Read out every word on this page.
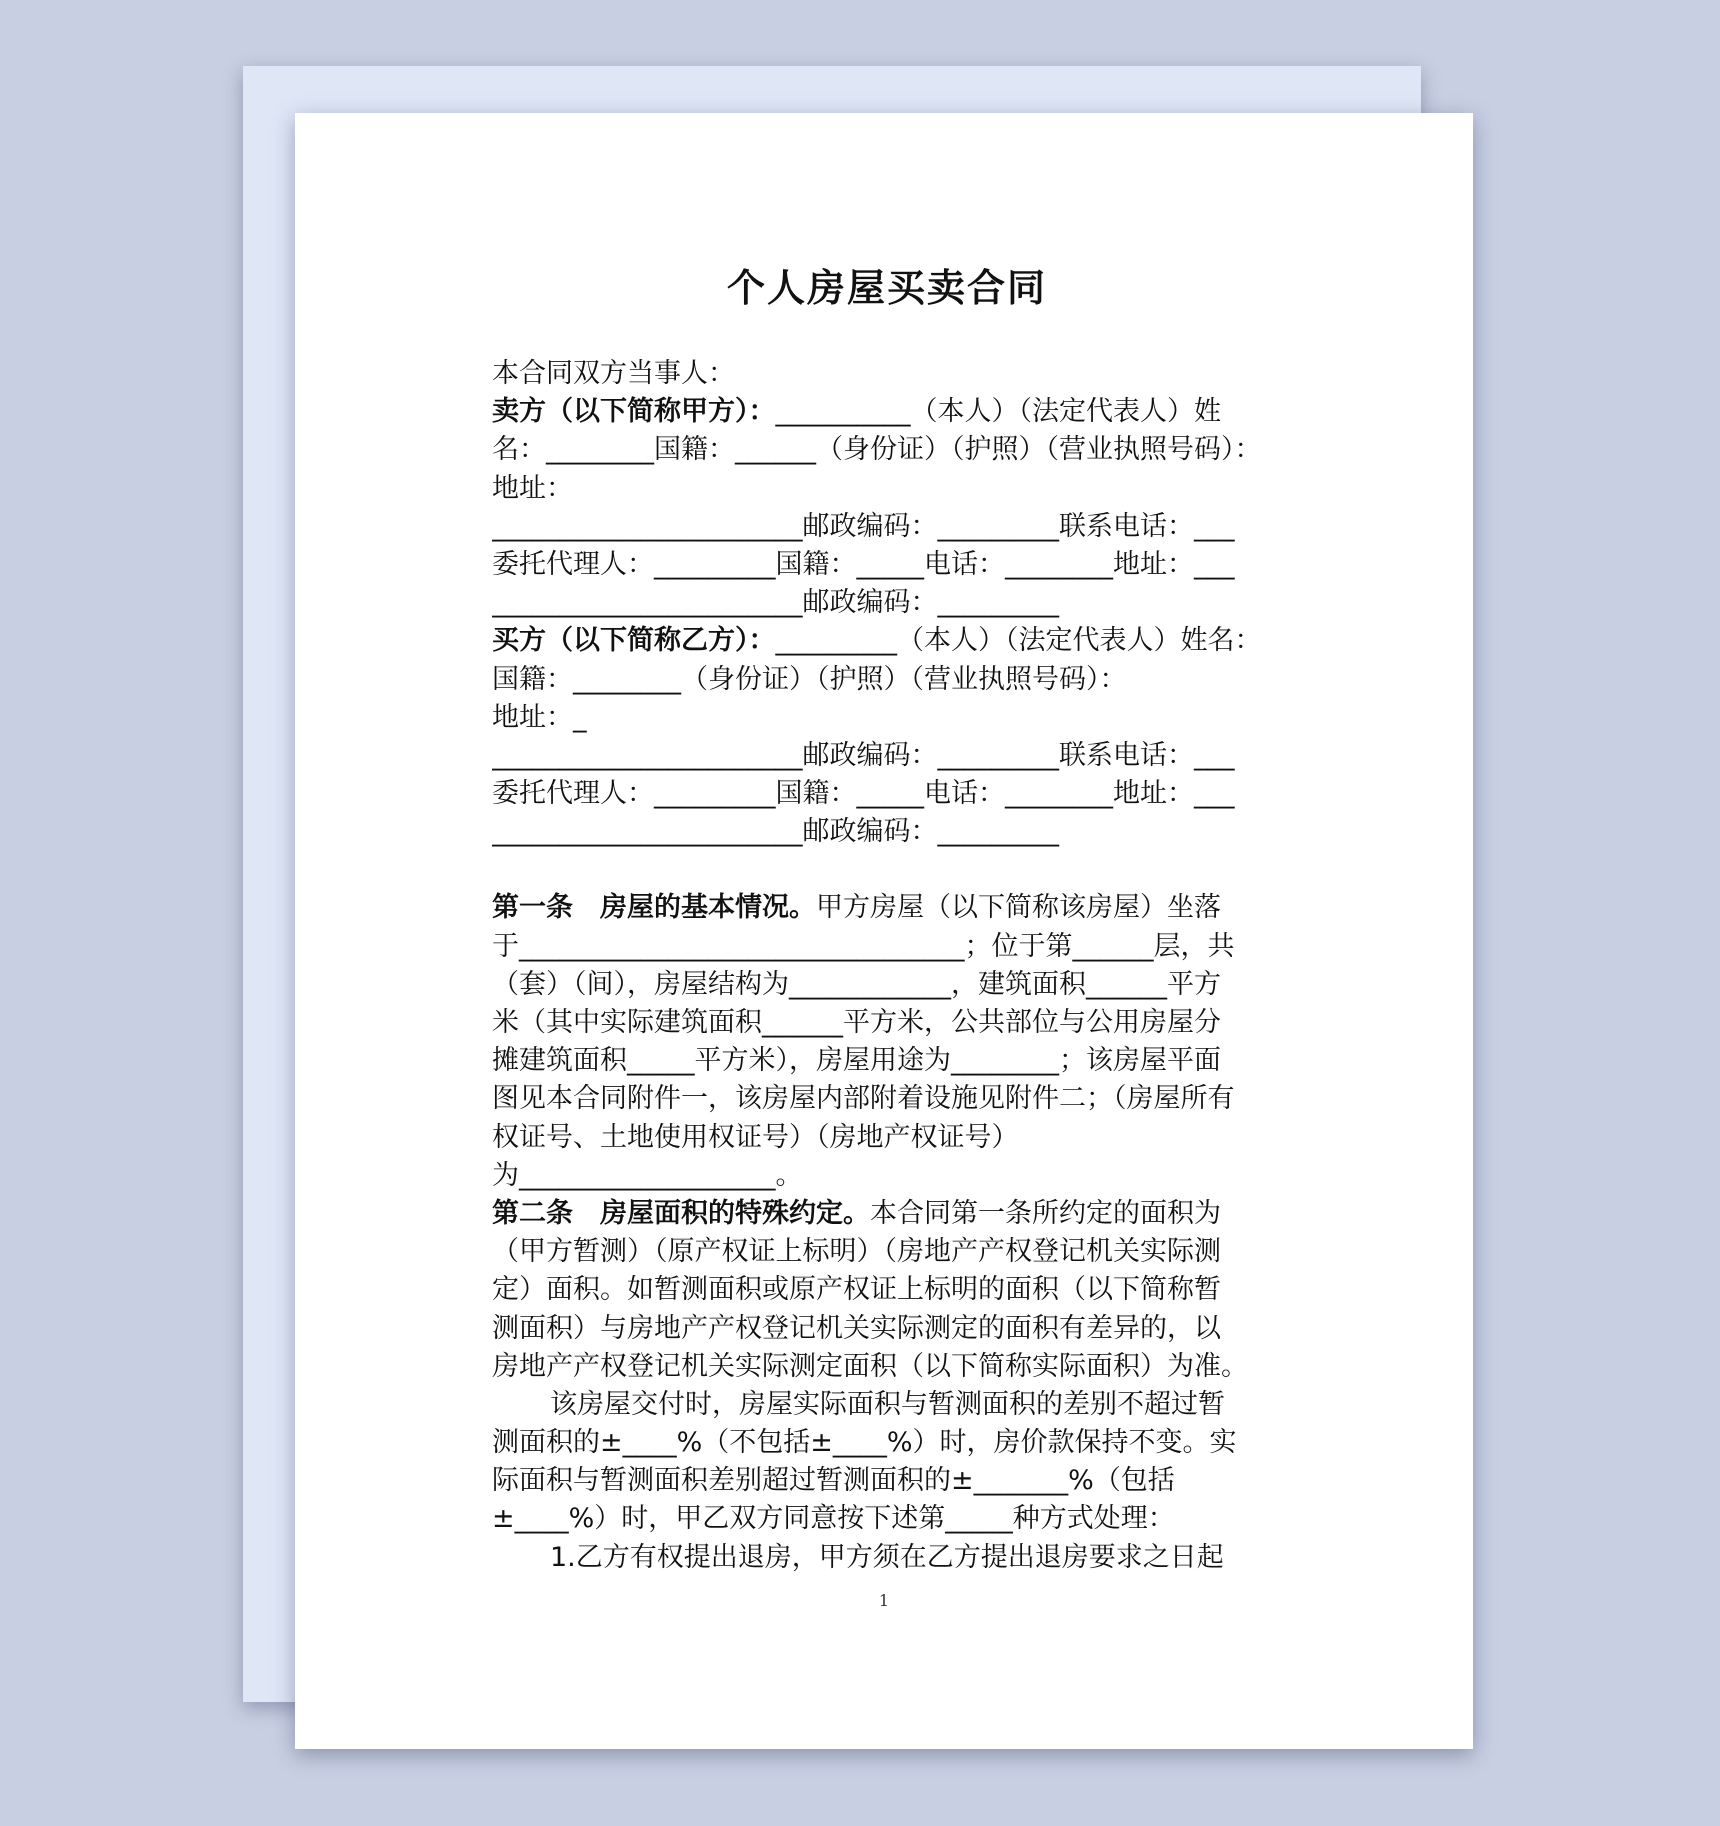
个人房屋买卖合同
本合同双方当事人：
卖方（以下简称甲方）：__________（本人）（法定代表人）姓
名：________国籍：______（身份证）（护照）（营业执照号码）：
地址：
_______________________邮政编码：_________联系电话：___
委托代理人：_________国籍：_____电话：________地址：___
_______________________邮政编码：_________
买方（以下简称乙方）：_________（本人）（法定代表人）姓名：
国籍：________（身份证）（护照）（营业执照号码）：
地址：_
_______________________邮政编码：_________联系电话：___
委托代理人：_________国籍：_____电话：________地址：___
_______________________邮政编码：_________
第一条　房屋的基本情况。甲方房屋（以下简称该房屋）坐落
于_________________________________；位于第______层，共
（套）（间），房屋结构为____________，建筑面积______平方
米（其中实际建筑面积______平方米，公共部位与公用房屋分
摊建筑面积_____平方米），房屋用途为________；该房屋平面
图见本合同附件一，该房屋内部附着设施见附件二；（房屋所有
权证号、土地使用权证号）（房地产权证号）
为___________________。
第二条　房屋面积的特殊约定。本合同第一条所约定的面积为
（甲方暂测）（原产权证上标明）（房地产产权登记机关实际测
定）面积。如暂测面积或原产权证上标明的面积（以下简称暂
测面积）与房地产产权登记机关实际测定的面积有差异的，以
房地产产权登记机关实际测定面积（以下简称实际面积）为准。
该房屋交付时，房屋实际面积与暂测面积的差别不超过暂
测面积的±____%（不包括±____%）时，房价款保持不变。实
际面积与暂测面积差别超过暂测面积的±_______%（包括
±____%）时，甲乙双方同意按下述第_____种方式处理：
1.乙方有权提出退房，甲方须在乙方提出退房要求之日起
1
